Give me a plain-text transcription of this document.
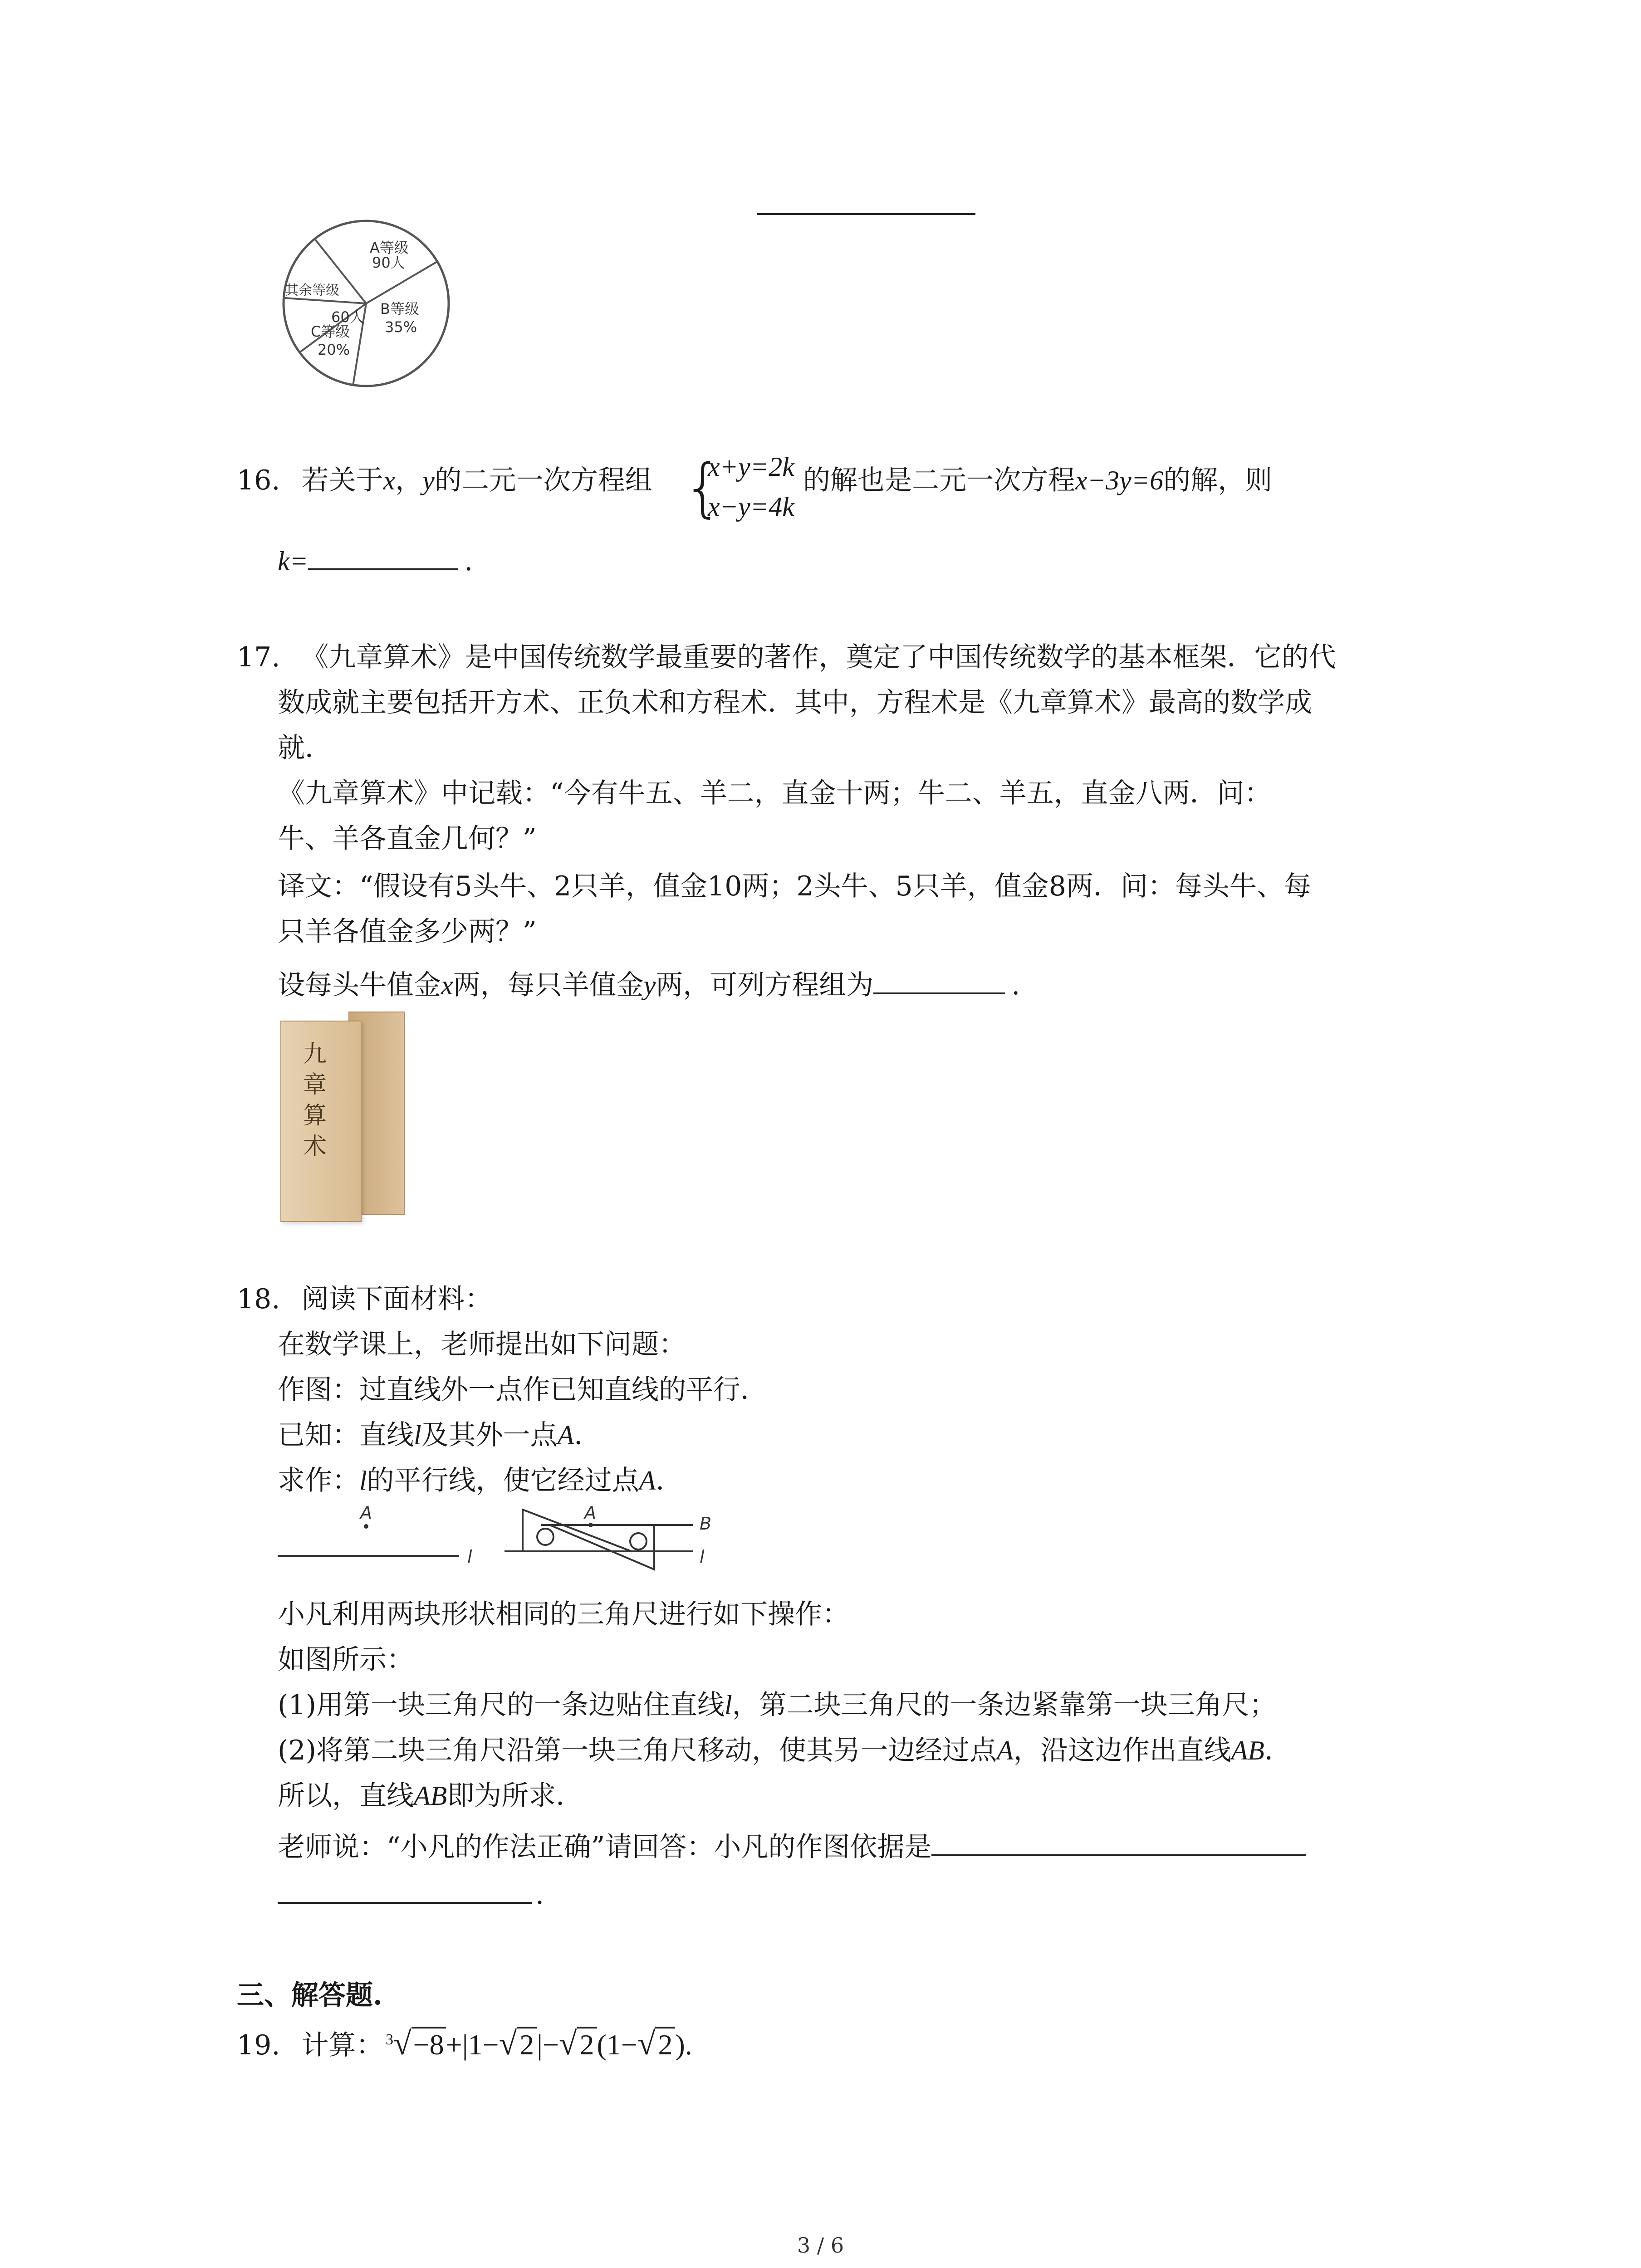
A等级
90人
其余等级
60人 B等级
35%
C等级
20%
16. 若关于x，y的二元一次方程组 {
x+y=2k
x−y=4k
的解也是二元一次方程x−3y=6的解，则
k=	.
17. 《九章算术》是中国传统数学最重要的著作，奠定了中国传统数学的基本框架．它的代
数成就主要包括开方术、正负术和方程术．其中，方程术是《九章算术》最高的数学成
就．
《九章算术》中记载：“今有牛五、羊二，直金十两；牛二、羊五，直金八两．问：
牛、羊各直金几何？”
译文：“假设有5头牛、2只羊，值金10两；2头牛、5只羊，值金8两．问：每头牛、每
只羊各值金多少两？”
设每头牛值金x两，每只羊值金y两，可列方程组为	.
九章算术
18. 阅读下面材料：
在数学课上，老师提出如下问题：
作图：过直线外一点作已知直线的平行．
已知：直线l及其外一点A．
求作：l的平行线，使它经过点A．
A
l
A
B
l
小凡利用两块形状相同的三角尺进行如下操作：
如图所示：
(1)用第一块三角尺的一条边贴住直线l，第二块三角尺的一条边紧靠第一块三角尺；
(2)将第二块三角尺沿第一块三角尺移动，使其另一边经过点A，沿这边作出直线AB．
所以，直线AB即为所求．
老师说：“小凡的作法正确”请回答：小凡的作图依据是
.
三、解答题.
19. 计算： $^3$√−8+|1−√2|−√2(1−√2).
3 / 6
